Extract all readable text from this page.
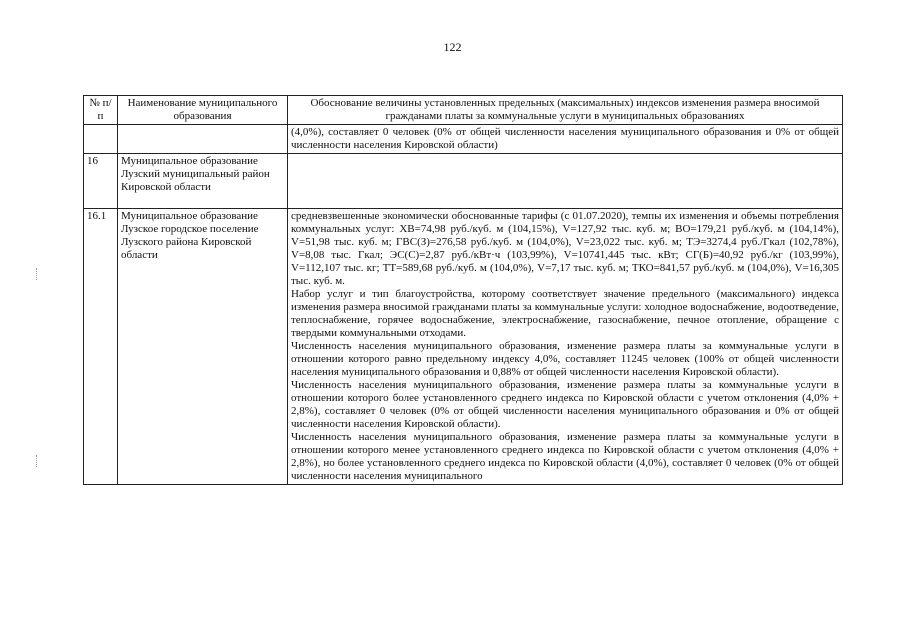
122
№ п/п	Наименование муниципального образования	Обоснование величины установленных предельных (максимальных) индексов изменения размера вносимой гражданами платы за коммунальные услуги в муниципальных образованиях

		(4,0%), составляет 0 человек (0% от общей численности населения муниципального образования и 0% от общей численности населения Кировской области)

16	Муниципальное образование Лузский муниципальный район Кировской области	
16.1	Муниципальное образование Лузское городское поселение Лузского района Кировской области	средневзвешенные экономически обоснованные тарифы (с 01.07.2020), темпы их изменения и объемы потребления коммунальных услуг: ХВ=74,98 руб./куб. м (104,15%), V=127,92 тыс. куб. м; ВО=179,21 руб./куб. м (104,14%), V=51,98 тыс. куб. м; ГВС(З)=276,58 руб./куб. м (104,0%), V=23,022 тыс. куб. м; ТЭ=3274,4 руб./Гкал (102,78%), V=8,08 тыс. Гкал; ЭС(С)=2,87 руб./кВт·ч (103,99%), V=10741,445 тыс. кВт; СГ(Б)=40,92 руб./кг (103,99%), V=112,107 тыс. кг; ТТ=589,68 руб./куб. м (104,0%), V=7,17 тыс. куб. м; ТКО=841,57 руб./куб. м (104,0%), V=16,305 тыс. куб. м.
Набор услуг и тип благоустройства, которому соответствует значение предельного (максимального) индекса изменения размера вносимой гражданами платы за коммунальные услуги: холодное водоснабжение, водоотведение, теплоснабжение, горячее водоснабжение, электроснабжение, газоснабжение, печное отопление, обращение с твердыми коммунальными отходами.
Численность населения муниципального образования, изменение размера платы за коммунальные услуги в отношении которого равно предельному индексу 4,0%, составляет 11245 человек (100% от общей численности населения муниципального образования и 0,88% от общей численности населения Кировской области).
Численность населения муниципального образования, изменение размера платы за коммунальные услуги в отношении которого более установленного среднего индекса по Кировской области с учетом отклонения (4,0% + 2,8%), составляет 0 человек (0% от общей численности населения муниципального образования и 0% от общей численности населения Кировской области).
Численность населения муниципального образования, изменение размера платы за коммунальные услуги в отношении которого менее установленного среднего индекса по Кировской области с учетом отклонения (4,0% + 2,8%), но более установленного среднего индекса по Кировской области (4,0%), составляет 0 человек (0% от общей численности населения муниципального
